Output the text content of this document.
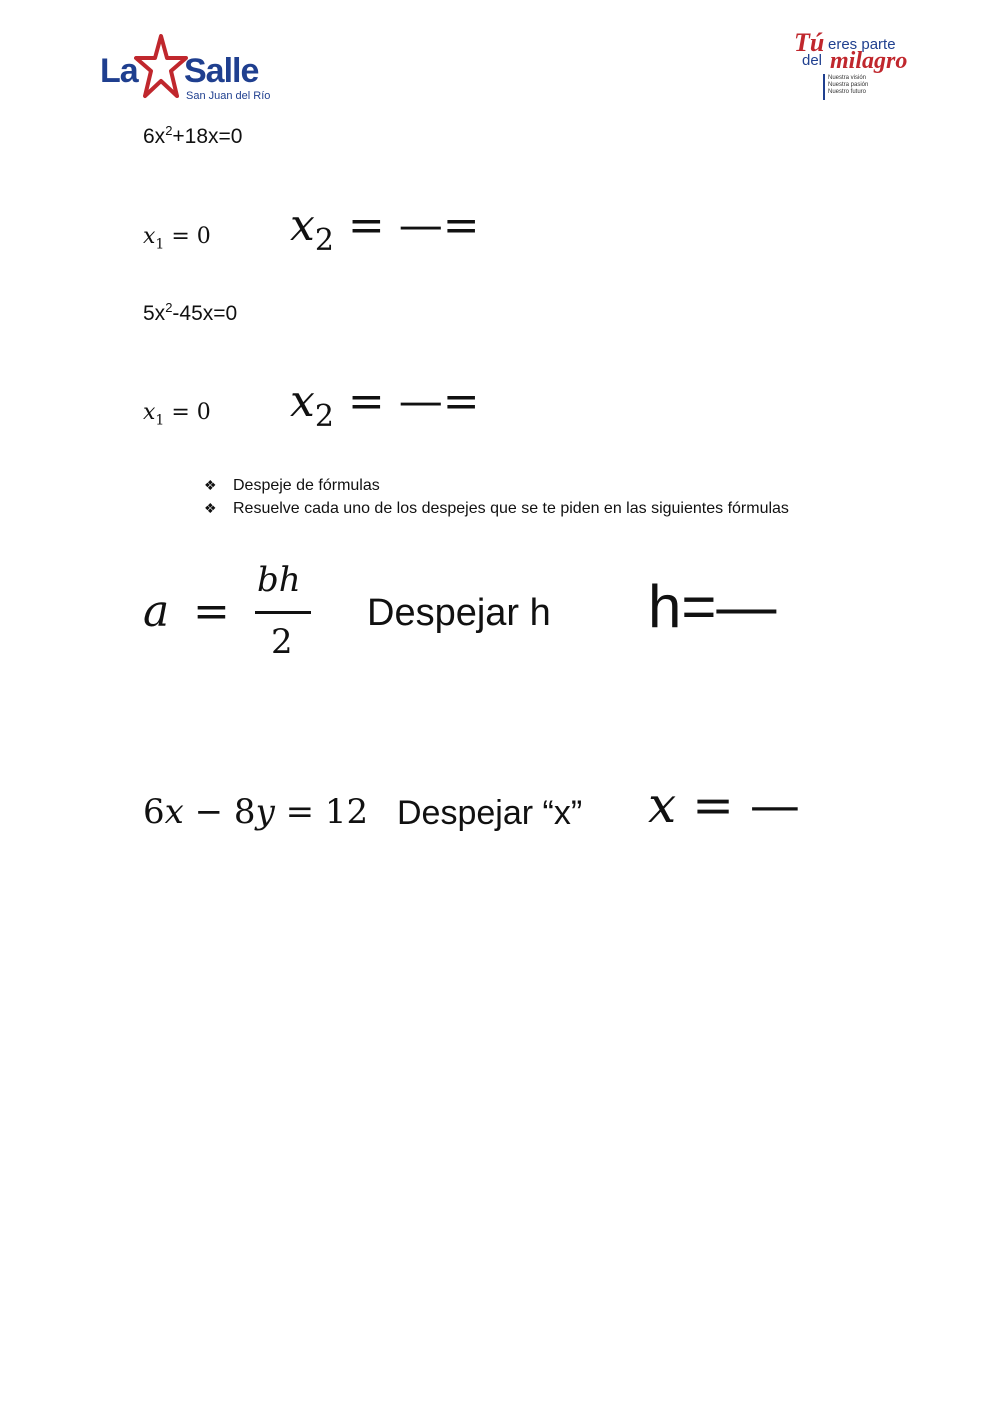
La Salle
San Juan del Río
Tú eres parte
del milagro
Nuestra visión
Nuestra pasión
Nuestro futuro
$6x^2+18x=0$
$x_1 = 0$ $x_2$ = —=
$5x^2-45x=0$
$x_1 = 0$ $x_2$ = —=
❖	Despeje de fórmulas
❖	Resuelve cada uno de los despejes que se te piden en las siguientes fórmulas
a =
bh
2
Despejar h h=—
6x − 8y = 12 Despejar “x” x = —
